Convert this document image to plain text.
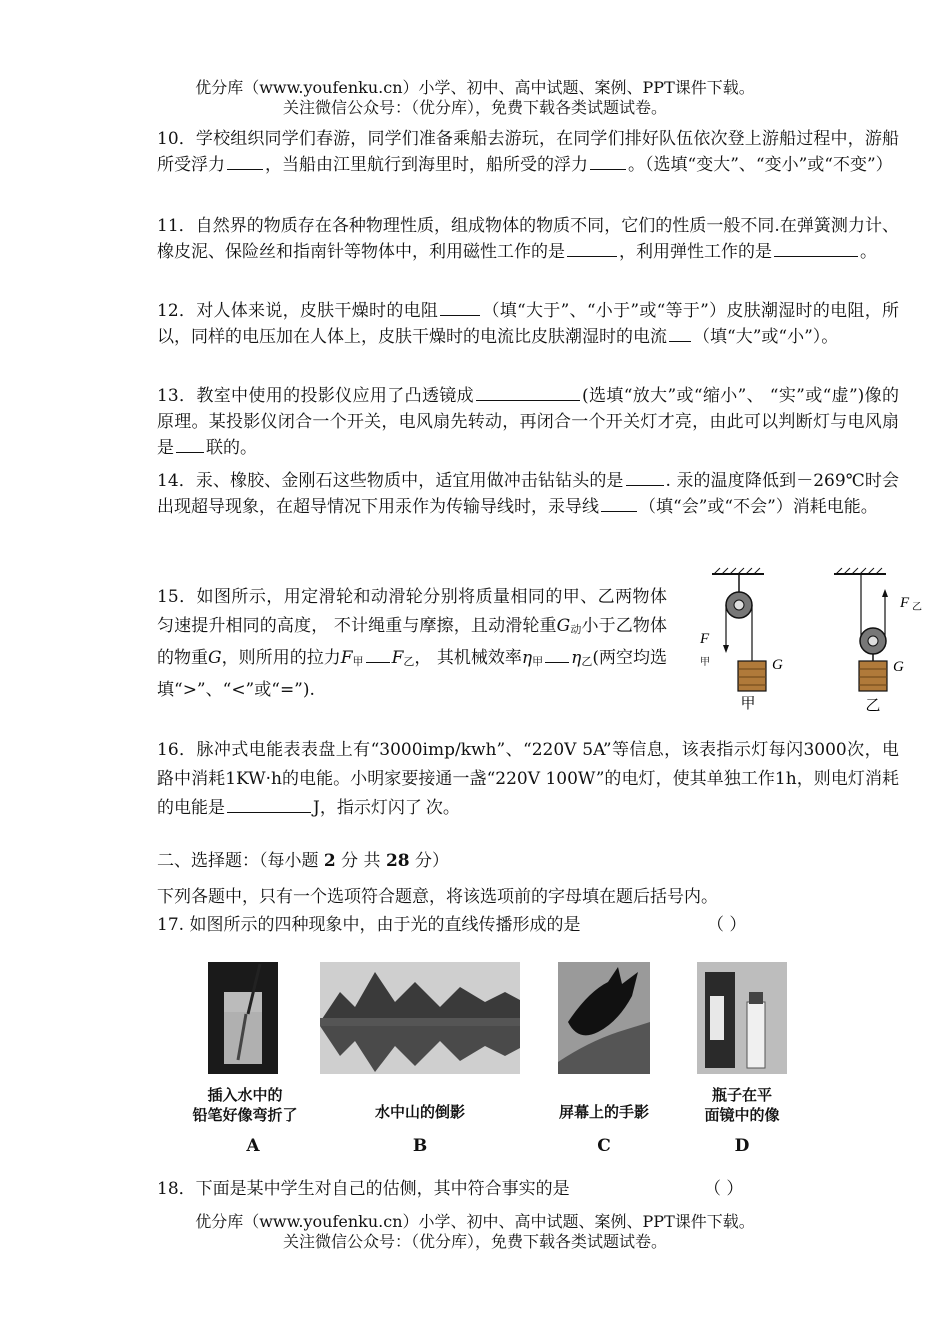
优分库（www.youfenku.cn）小学、初中、高中试题、案例、PPT课件下载。
关注微信公众号：（优分库），免费下载各类试题试卷。
10．学校组织同学们春游，同学们准备乘船去游玩，在同学们排好队伍依次登上游船过程中，游船所受浮力 ，当船由江里航行到海里时，船所受的浮力 。（选填“变大”、“变小”或“不变”）
11．自然界的物质存在各种物理性质，组成物体的物质不同，它们的性质一般不同.在弹簧测力计、橡皮泥、保险丝和指南针等物体中，利用磁性工作的是	，利用弹性工作的是	。
12．对人体来说，皮肤干燥时的电阻	（填“大于”、“小于”或“等于”）皮肤潮湿时的电阻，所以，同样的电压加在人体上，皮肤干燥时的电流比皮肤潮湿时的电流 （填“大”或“小”）。
13．教室中使用的投影仪应用了凸透镜成	(选填“放大”或“缩小”、 “实”或“虚”)像的原理。某投影仪闭合一个开关，电风扇先转动，再闭合一个开关灯才亮，由此可以判断灯与电风扇是 联的。
14．汞、橡胶、金刚石这些物质中，适宜用做冲击钻钻头的是 . 汞的温度降低到－269℃时会出现超导现象，在超导情况下用汞作为传输导线时，汞导线 （填“会”或“不会”）消耗电能。
15．如图所示，用定滑轮和动滑轮分别将质量相同的甲、乙两物体匀速提升相同的高度， 不计绳重与摩擦，且动滑轮重G动小于乙物体的物重G，则所用的拉力F甲 F乙， 其机械效率η甲 η乙(两空均选填“>”、“<”或“=”).
F
甲	G
甲
F 乙
G
乙
16．脉冲式电能表表盘上有“3000imp/kwh”、“220V 5A”等信息，该表指示灯每闪3000次，电路中消耗1KW·h的电能。小明家要接通一盏“220V 100W”的电灯，使其单独工作1h，则电灯消耗的电能是	J，指示灯闪了 次。
二、选择题：（每小题 2 分 共 28 分）
下列各题中，只有一个选项符合题意，将该选项前的字母填在题后括号内。
17. 如图所示的四种现象中，由于光的直线传播形成的是	（ ）
插入水中的
铅笔好像弯折了	水中山的倒影	屏幕上的手影
瓶子在平
面镜中的像
A	B	C	D
18．下面是某中学生对自己的估侧，其中符合事实的是	（ ）
优分库（www.youfenku.cn）小学、初中、高中试题、案例、PPT课件下载。
关注微信公众号：（优分库），免费下载各类试题试卷。
